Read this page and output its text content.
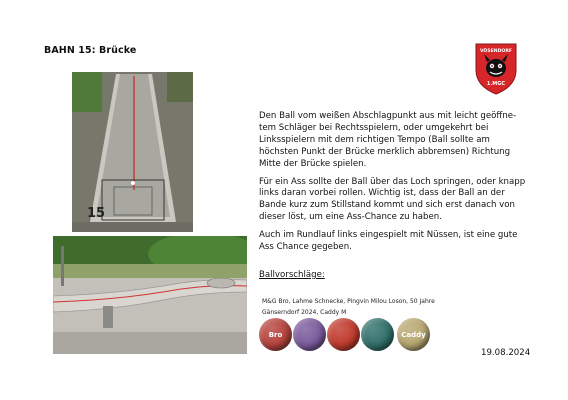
BAHN 15: Brücke	VÖSENDORF
1.MGC
15

Den Ball vom weißen Abschlagpunkt aus mit leicht geöffne-tem Schläger bei Rechtsspielern, oder umgekehrt bei Linksspielern mit dem richtigen Tempo (Ball sollte am höchsten Punkt der Brücke merklich abbremsen) Richtung Mitte der Brücke spielen.

Für ein Ass sollte der Ball über das Loch springen, oder knapp links daran vorbei rollen. Wichtig ist, dass der Ball an der Bande kurz zum Stillstand kommt und sich erst danach von dieser löst, um eine Ass-Chance zu haben.

Auch im Rundlauf links eingespielt mit Nüssen, ist eine gute Ass Chance gegeben.

Ballvorschläge:
M&G Bro, Lahme Schnecke, Pingvin Milou Loson, 50 Jahre
Gänserndorf 2024, Caddy M
Bro	Caddy
19.08.2024
